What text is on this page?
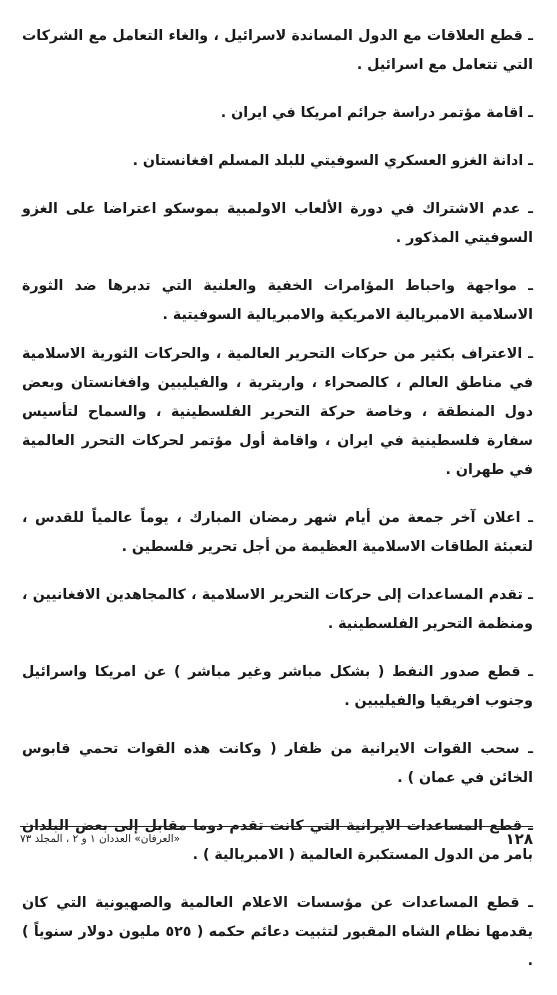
ـ قطع العلاقات مع الدول المساندة لاسرائيل ، والغاء التعامل مع الشركات التي تتعامل مع اسرائيل .

ـ اقامة مؤتمر دراسة جرائم امريكا في ايران .

ـ ادانة الغزو العسكري السوفيتي للبلد المسلم افغانستان .

ـ عدم الاشتراك في دورة الألعاب الاولمبية بموسكو اعتراضا على الغزو السوفيتي المذكور .

ـ مواجهة واحباط المؤامرات الخفية والعلنية التي تدبرها ضد الثورة الاسلامية الامبريالية الامريكية والامبريالية السوفيتية .

ـ الاعتراف بكثير من حركات التحرير العالمية ، والحركات الثورية الاسلامية في مناطق العالم ، كالصحراء ، واريترية ، والفيليبين وافغانستان وبعض دول المنطقة ، وخاصة حركة التحرير الفلسطينية ، والسماح لتأسيس سفارة فلسطينية في ايران ، واقامة أول مؤتمر لحركات التحرر العالمية في طهران .

ـ اعلان آخر جمعة من أيام شهر رمضان المبارك ، يوماً عالمياً للقدس ، لتعبئة الطاقات الاسلامية العظيمة من أجل تحرير فلسطين .

ـ تقدم المساعدات إلى حركات التحرير الاسلامية ، كالمجاهدين الافغانيين ، ومنظمة التحرير الفلسطينية .

ـ قطع صدور النفط ( بشكل مباشر وغير مباشر ) عن امريكا واسرائيل وجنوب افريقيا والفيليبين .

ـ سحب القوات الايرانية من ظفار ( وكانت هذه القوات تحمي قابوس الخائن في عمان ) .

ـ قطع المساعدات الايرانية التي كانت تقدم دوما مقابل إلى بعض البلدان بامر من الدول المستكبرة العالمية ( الامبريالية ) .

ـ قطع المساعدات عن مؤسسات الاعلام العالمية والصهيونية التي كان يقدمها نظام الشاه المقبور لتثبيت دعائم حكمه ( ٥٢٥ مليون دولار سنوياً ) .

١٢٨
«العرفان» العددان ١ و ٢ ، المجلد ٧٣
